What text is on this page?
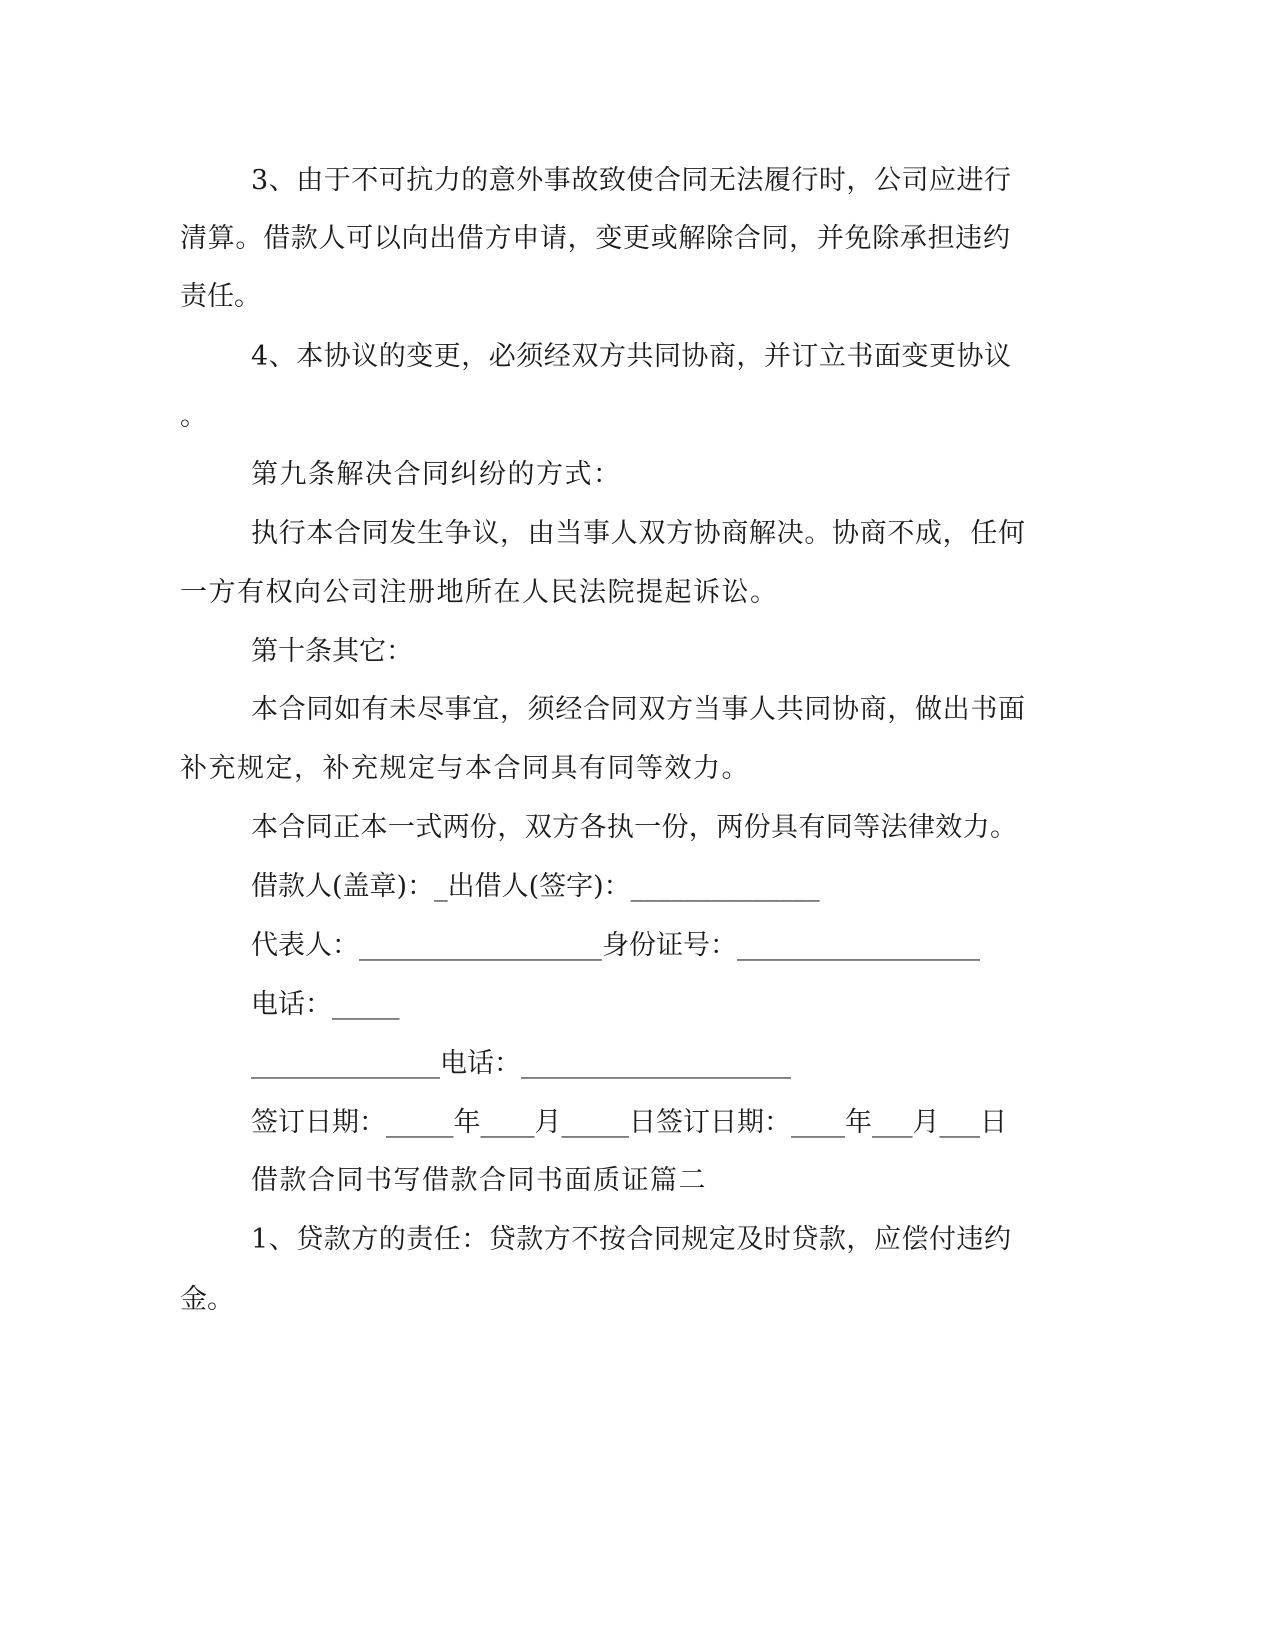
3、由于不可抗力的意外事故致使合同无法履行时，公司应进行
清算。借款人可以向出借方申请，变更或解除合同，并免除承担违约
责任。
4、本协议的变更，必须经双方共同协商，并订立书面变更协议
。
第九条解决合同纠纷的方式：
执行本合同发生争议，由当事人双方协商解决。协商不成，任何
一方有权向公司注册地所在人民法院提起诉讼。
第十条其它：
本合同如有未尽事宜，须经合同双方当事人共同协商，做出书面
补充规定，补充规定与本合同具有同等效力。
本合同正本一式两份，双方各执一份，两份具有同等法律效力。
借款人(盖章)：_出借人(签字)：______________
代表人：__________________身份证号：__________________
电话：_____
______________电话：____________________
签订日期：_____年____月_____日签订日期：____年___月___日
借款合同书写借款合同书面质证篇二
1、贷款方的责任：贷款方不按合同规定及时贷款，应偿付违约
金。
